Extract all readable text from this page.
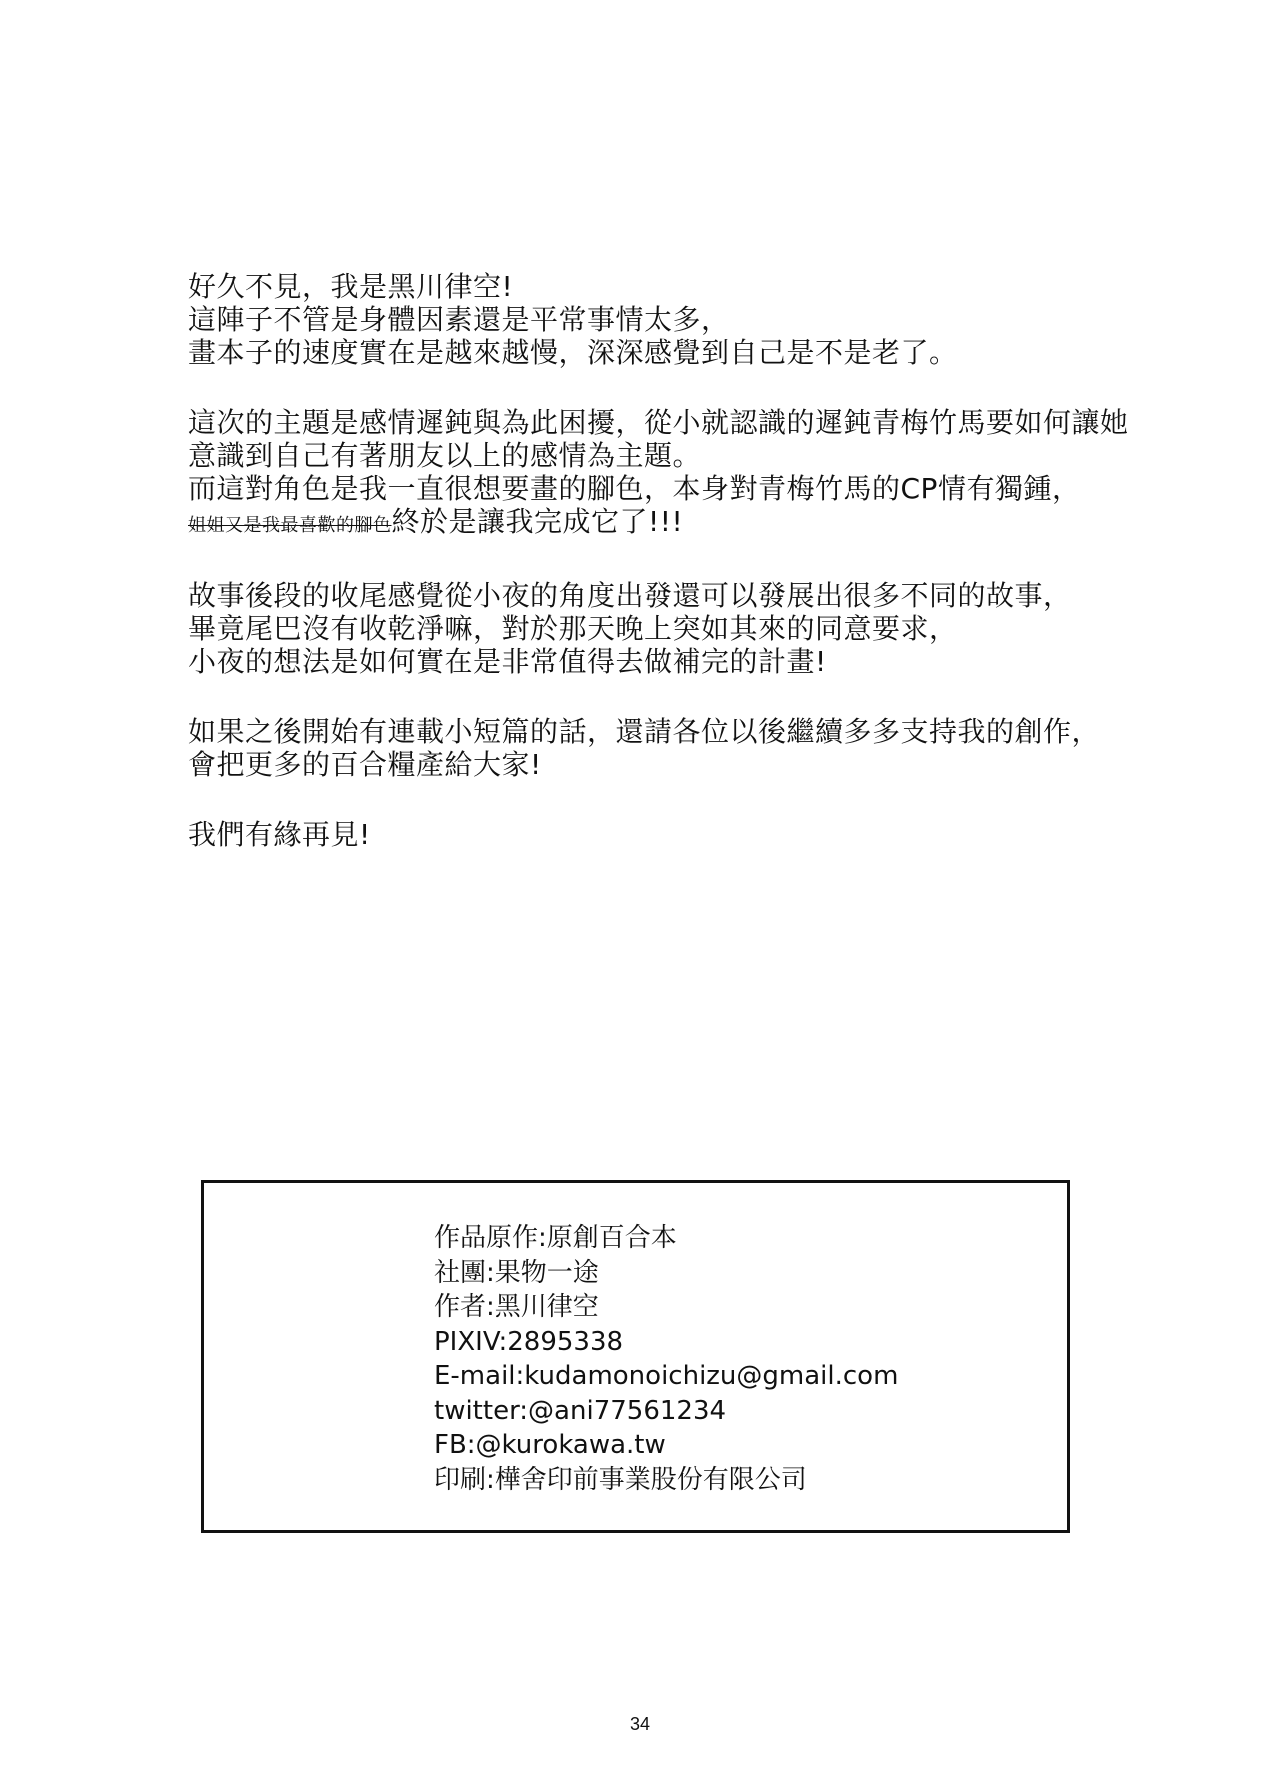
好久不見，我是黑川律空!
這陣子不管是身體因素還是平常事情太多，
畫本子的速度實在是越來越慢，深深感覺到自己是不是老了。
這次的主題是感情遲鈍與為此困擾，從小就認識的遲鈍青梅竹馬要如何讓她
意識到自己有著朋友以上的感情為主題。
而這對角色是我一直很想要畫的腳色，本身對青梅竹馬的CP情有獨鍾，
姐姐又是我最喜歡的腳色終於是讓我完成它了!!!
故事後段的收尾感覺從小夜的角度出發還可以發展出很多不同的故事，
畢竟尾巴沒有收乾淨嘛，對於那天晚上突如其來的同意要求，
小夜的想法是如何實在是非常值得去做補完的計畫!
如果之後開始有連載小短篇的話，還請各位以後繼續多多支持我的創作，
會把更多的百合糧產給大家!
我們有緣再見!
作品原作:原創百合本
社團:果物一途
作者:黑川律空
PIXIV:2895338
E-mail:kudamonoichizu@gmail.com
twitter:@ani77561234
FB:@kurokawa.tw
印刷:樺舍印前事業股份有限公司
34
